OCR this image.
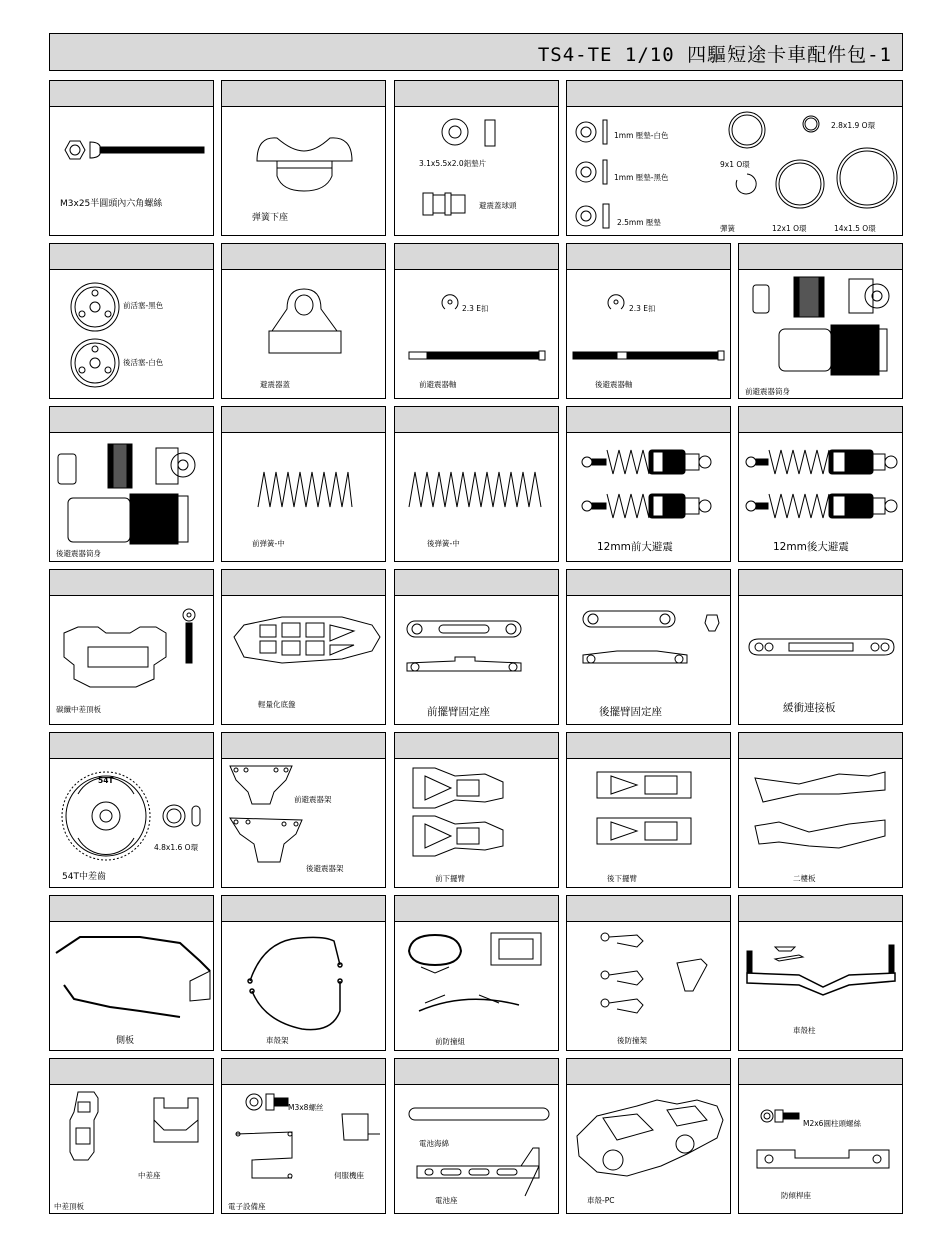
TS4-TE 1/10 四驅短途卡車配件包-1
M3x25半圓頭內六角螺絲
弹簧下座
3.1x5.5x2.0鋁墊片
避震蓋球頭
1mm 壓墊-白色
1mm 壓墊-黑色
2.5mm 壓墊
9x1 O環
2.8x1.9 O環
彈簧	12x1 O環	14x1.5 O環
前活塞-黑色
後活塞-白色
避震器蓋
2.3 E扣
前避震器軸
2.3 E扣
後避震器軸
前避震器筒身
後避震器筒身
前弹簧-中	後弹簧-中	12mm前大避震	12mm後大避震
碳纖中差頂板
輕量化底盤
前擺臂固定座	後擺臂固定座	緩衝連接板
54T
4.8x1.6 O環
54T中差齒
前避震器架
後避震器架
前下擺臂	後下擺臂	二樓板
側板	車殼架	前防撞組	後防撞架
車殼柱
中差座
中差頂板
M3x8螺丝
伺服機座
電子設備座
電池海綿
電池座	車殼-PC
M2x6圓柱頭螺絲
防傾桿座
